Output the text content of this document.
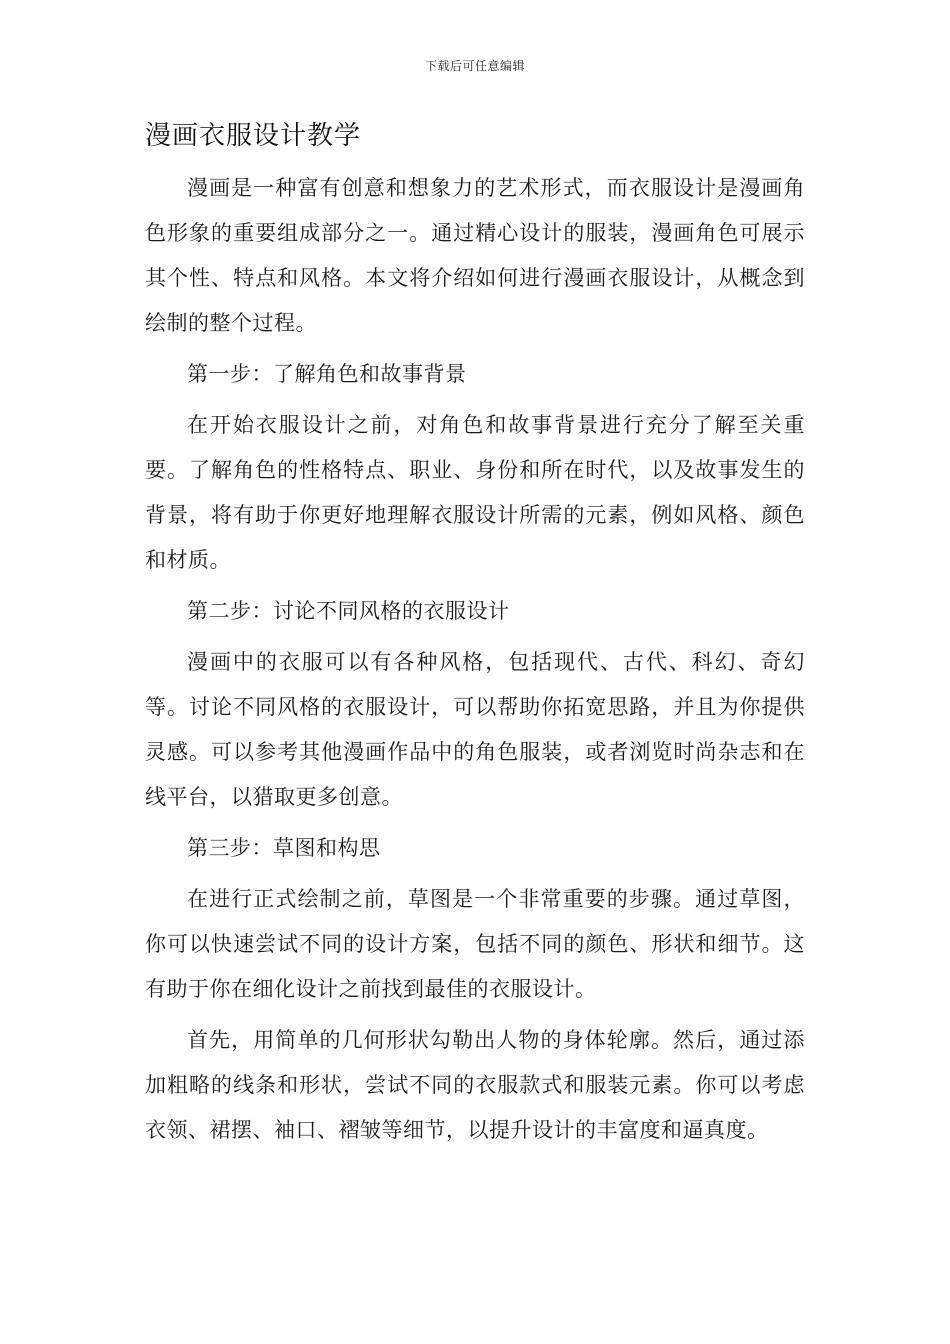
下载后可任意编辑
漫画衣服设计教学

漫画是一种富有创意和想象力的艺术形式，而衣服设计是漫画角色形象的重要组成部分之一。通过精心设计的服装，漫画角色可展示其个性、特点和风格。本文将介绍如何进行漫画衣服设计，从概念到绘制的整个过程。

第一步：了解角色和故事背景

在开始衣服设计之前，对角色和故事背景进行充分了解至关重要。了解角色的性格特点、职业、身份和所在时代，以及故事发生的背景，将有助于你更好地理解衣服设计所需的元素，例如风格、颜色和材质。

第二步：讨论不同风格的衣服设计

漫画中的衣服可以有各种风格，包括现代、古代、科幻、奇幻等。讨论不同风格的衣服设计，可以帮助你拓宽思路，并且为你提供灵感。可以参考其他漫画作品中的角色服装，或者浏览时尚杂志和在线平台，以猎取更多创意。

第三步：草图和构思

在进行正式绘制之前，草图是一个非常重要的步骤。通过草图，你可以快速尝试不同的设计方案，包括不同的颜色、形状和细节。这有助于你在细化设计之前找到最佳的衣服设计。

首先，用简单的几何形状勾勒出人物的身体轮廓。然后，通过添加粗略的线条和形状，尝试不同的衣服款式和服装元素。你可以考虑衣领、裙摆、袖口、褶皱等细节，以提升设计的丰富度和逼真度。
